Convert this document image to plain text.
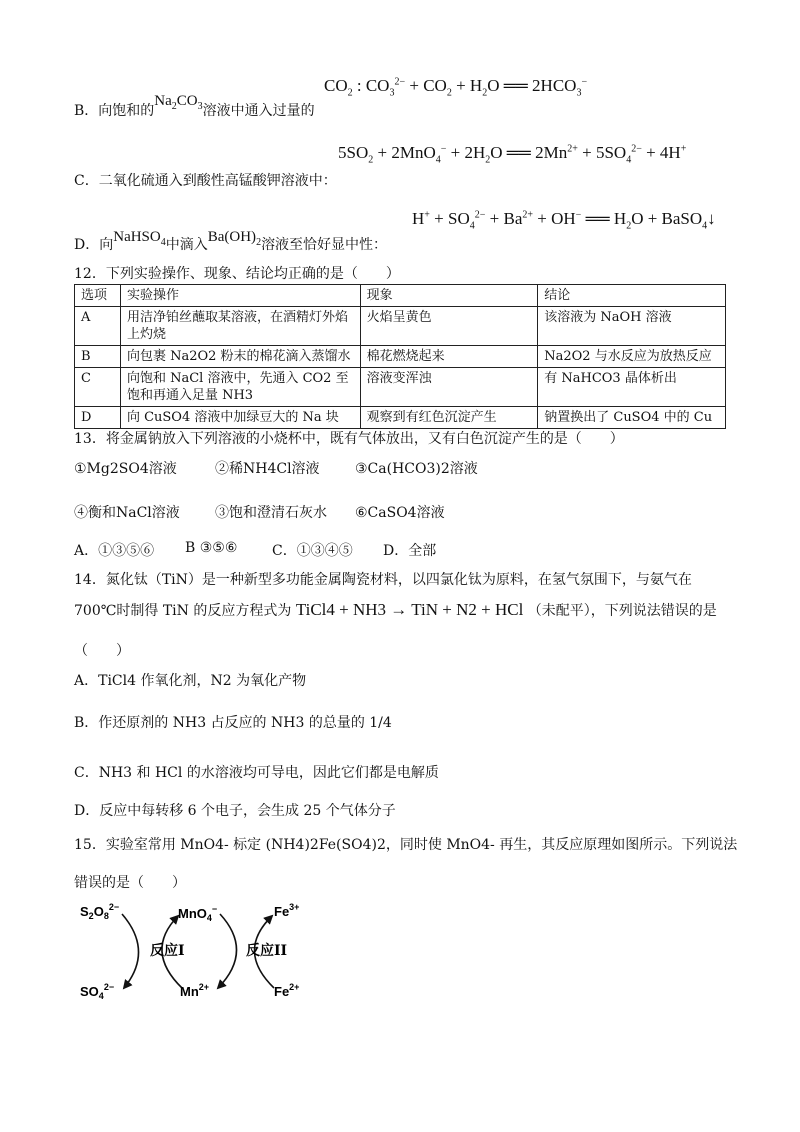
$CO_2$ : $CO_3^{2-} + CO_2 + H_2O$ ══ $2HCO_3^-$
B．向饱和的$Na_2CO_3$溶液中通入过量的
$5SO_2 + 2MnO_4^- + 2H_2O$ ══ $2Mn^{2+} + 5SO_4^{2-} + 4H^+$
C．二氧化硫通入到酸性高锰酸钾溶液中：
$H^+ + SO_4^{2-} + Ba^{2+} + OH^-$ ══ $H_2O$ + BaSO$_4$↓
D．向NaHSO$_4$中滴入$Ba(OH)_2$溶液至恰好显中性：
12．下列实验操作、现象、结论均正确的是（　　）
选项	实验操作	现象	结论
A	用洁净铂丝蘸取某溶液，在酒精灯外焰上灼烧	火焰呈黄色	该溶液为 NaOH 溶液
B	向包裹 Na2O2 粉末的棉花滴入蒸馏水	棉花燃烧起来	Na2O2 与水反应为放热反应
C	向饱和 NaCl 溶液中，先通入 CO2 至饱和再通入足量 NH3	溶液变浑浊	有 NaHCO3 晶体析出
D	向 CuSO4 溶液中加绿豆大的 Na 块	观察到有红色沉淀产生	钠置换出了 CuSO4 中的 Cu
13．将金属钠放入下列溶液的小烧杯中，既有气体放出，又有白色沉淀产生的是（　　）
①Mg2SO4溶液	②稀NH4Cl溶液	③Ca(HCO3)2溶液
④衡和NaCl溶液	③饱和澄清石灰水 ⑥CaSO4溶液
A．①③⑤⑥ B ③⑤⑥ C．①③④⑤ D．全部
14．氮化钛（TiN）是一种新型多功能金属陶瓷材料，以四氯化钛为原料，在氢气氛围下，与氨气在
700℃时制得 TiN 的反应方程式为 TiCl4 + NH3 → TiN + N2 + HCl （未配平），下列说法错误的是
（　　）
A．TiCl4 作氧化剂，N2 为氧化产物
B．作还原剂的 NH3 占反应的 NH3 的总量的 1/4
C．NH3 和 HCl 的水溶液均可导电，因此它们都是电解质
D．反应中每转移 6 个电子，会生成 25 个气体分子
15．实验室常用 MnO4- 标定 (NH4)2Fe(SO4)2，同时使 MnO4- 再生，其反应原理如图所示。下列说法
错误的是（　　）
$S_2O_8^{2-}$	MnO$_4$−	$Fe^{3+}$
$SO_4^{2-}$	$Mn^{2+}$	$Fe^{2+}$
反应I	反应II
